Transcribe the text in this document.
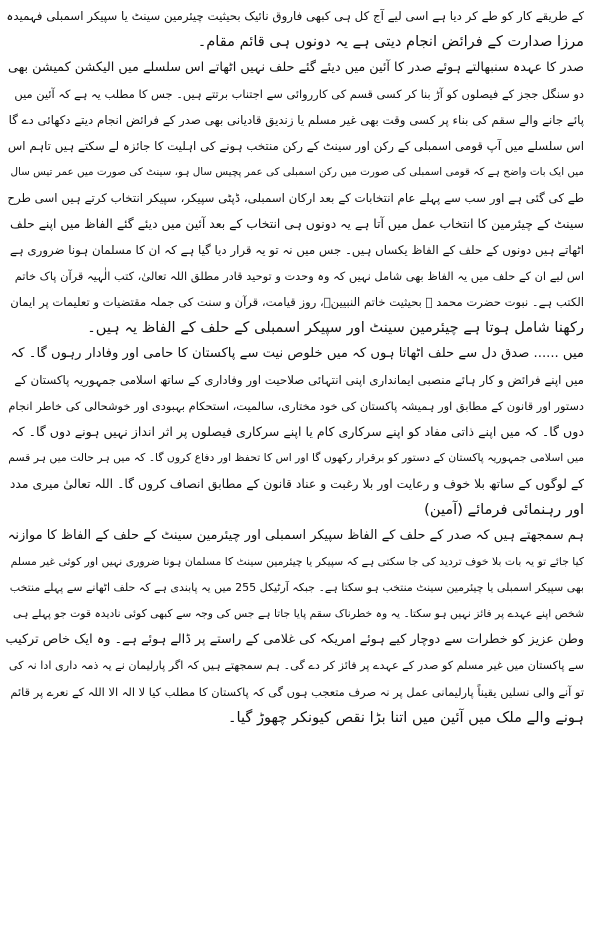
کے طریقے کار کو طے کر دیا ہے اسی لیے آج کل ہی کبھی فاروق نائیک بحیثیت چیئرمین سینٹ یا سپیکر اسمبلی فہمیدہ
مرزا صدارت کے فرائض انجام دیتی ہے یہ دونوں ہی قائم مقام۔
صدر کا عہدہ سنبھالتے ہوئے صدر کا آئین میں دیئے گئے حلف نہیں اٹھاتے اس سلسلے میں الیکشن کمیشن بھی
دو سنگل ججز کے فیصلوں کو آڑ بنا کر کسی قسم کی کارروائی سے اجتناب برتتے ہیں۔ جس کا مطلب یہ ہے کہ آئین میں
پائے جانے والے سقم کی بناء پر کسی وقت بھی غیر مسلم یا زندیق قادیانی بھی صدر کے فرائض انجام دیتے دکھائی دے گا
اس سلسلے میں آپ قومی اسمبلی کے رکن اور سینٹ کے رکن منتخب ہونے کی اہلیت کا جائزہ لے سکتے ہیں تاہم اس
میں ایک بات واضح ہے کہ قومی اسمبلی کی صورت میں رکن اسمبلی کی عمر پچیس سال ہو، سینٹ کی صورت میں عمر تیس سال
طے کی گئی ہے اور سب سے پہلے عام انتخابات کے بعد ارکان اسمبلی، ڈپٹی سپیکر، سپیکر انتخاب کرتے ہیں اسی طرح
سینٹ کے چیئرمین کا انتخاب عمل میں آتا ہے یہ دونوں ہی انتخاب کے بعد آئین میں دیئے گئے الفاظ میں اپنے حلف
اٹھاتے ہیں دونوں کے حلف کے الفاظ یکساں ہیں۔ جس میں نہ تو یہ قرار دیا گیا ہے کہ ان کا مسلمان ہونا ضروری ہے
اس لیے ان کے حلف میں یہ الفاظ بھی شامل نہیں کہ وہ وحدت و توحید قادر مطلق اللہ تعالیٰ، کتب الٰہیہ قرآن پاک خاتم
الکتب ہے۔ نبوت حضرت محمد ﷺ بحیثیت خاتم النبیینؐ، روز قیامت، قرآن و سنت کی جملہ مقتضیات و تعلیمات پر ایمان
رکھنا شامل ہوتا ہے چیئرمین سینٹ اور سپیکر اسمبلی کے حلف کے الفاظ یہ ہیں۔
میں ...... صدق دل سے حلف اٹھاتا ہوں کہ میں خلوص نیت سے پاکستان کا حامی اور وفادار رہوں گا۔ کہ
میں اپنے فرائض و کار ہائے منصبی ایمانداری اپنی انتہائی صلاحیت اور وفاداری کے ساتھ اسلامی جمہوریہ پاکستان کے
دستور اور قانون کے مطابق اور ہمیشہ پاکستان کی خود مختاری، سالمیت، استحکام بہبودی اور خوشحالی کی خاطر انجام
دوں گا۔ کہ میں اپنے ذاتی مفاد کو اپنے سرکاری کام یا اپنے سرکاری فیصلوں پر اثر انداز نہیں ہونے دوں گا۔ کہ
میں اسلامی جمہوریہ پاکستان کے دستور کو برقرار رکھوں گا اور اس کا تحفظ اور دفاع کروں گا۔ کہ میں ہر حالت میں ہر قسم
کے لوگوں کے ساتھ بلا خوف و رعایت اور بلا رغبت و عناد قانون کے مطابق انصاف کروں گا۔ اللہ تعالیٰ میری مدد
اور رہنمائی فرمائے (آمین)
ہم سمجھتے ہیں کہ صدر کے حلف کے الفاظ سپیکر اسمبلی اور چیئرمین سینٹ کے حلف کے الفاظ کا موازنہ
کیا جائے تو یہ بات بلا خوف تردید کی جا سکتی ہے کہ سپیکر یا چیئرمین سینٹ کا مسلمان ہونا ضروری نہیں اور کوئی غیر مسلم
بھی سپیکر اسمبلی یا چیئرمین سینٹ منتخب ہو سکتا ہے۔ جبکہ آرٹیکل 255 میں یہ پابندی ہے کہ حلف اٹھانے سے پہلے منتخب
شخص اپنے عہدے پر فائز نہیں ہو سکتا۔ یہ وہ خطرناک سقم پایا جاتا ہے جس کی وجہ سے کبھی کوئی نادیدہ قوت جو پہلے ہی
وطن عزیز کو خطرات سے دوچار کیے ہوئے امریکہ کی غلامی کے راستے پر ڈالے ہوئے ہے۔ وہ ایک خاص ترکیب
سے پاکستان میں غیر مسلم کو صدر کے عہدے پر فائز کر دے گی۔ ہم سمجھتے ہیں کہ اگر پارلیمان نے یہ ذمہ داری ادا نہ کی
تو آنے والی نسلیں یقیناً پارلیمانی عمل پر نہ صرف متعجب ہوں گی کہ پاکستان کا مطلب کیا لا الہ الا اللہ کے نعرے پر قائم
ہونے والے ملک میں آئین میں اتنا بڑا نقص کیونکر چھوڑ گیا۔
